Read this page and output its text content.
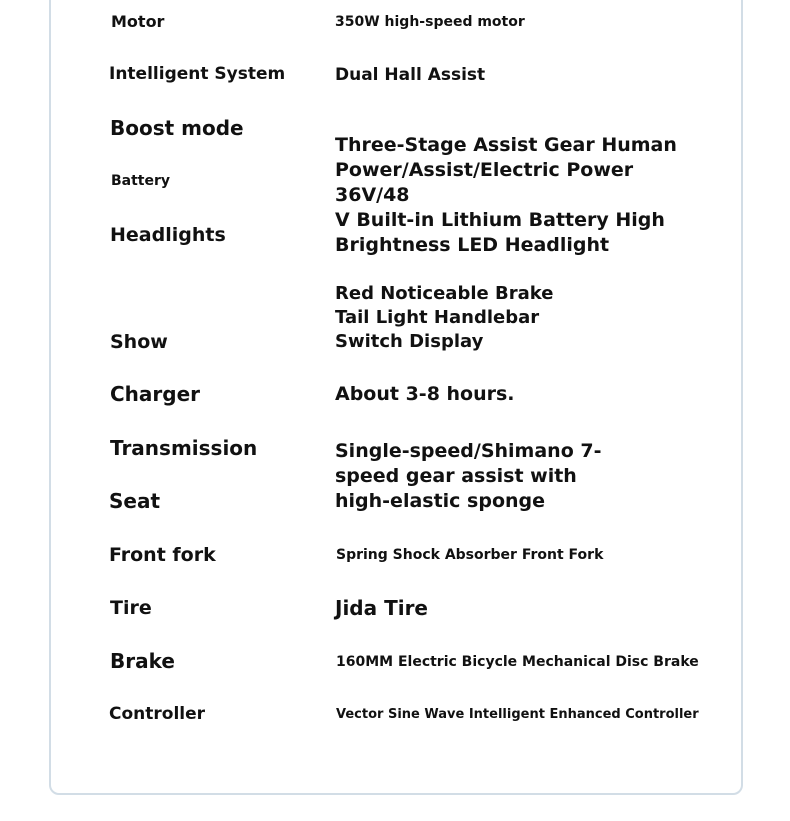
Motor
Intelligent System
Boost mode
Battery
Headlights
Show
Charger
Transmission
Seat
Front fork
Tire
Brake
Controller
350W high-speed motor
Dual Hall Assist
Three-Stage Assist Gear Human
Power/Assist/Electric Power 36V/48
V Built-in Lithium Battery High
Brightness LED Headlight
Red Noticeable Brake
Tail Light Handlebar
Switch Display
About 3-8 hours.
Single-speed/Shimano 7-
speed gear assist with
high-elastic sponge
Spring Shock Absorber Front Fork
Jida Tire
160MM Electric Bicycle Mechanical Disc Brake
Vector Sine Wave Intelligent Enhanced Controller
